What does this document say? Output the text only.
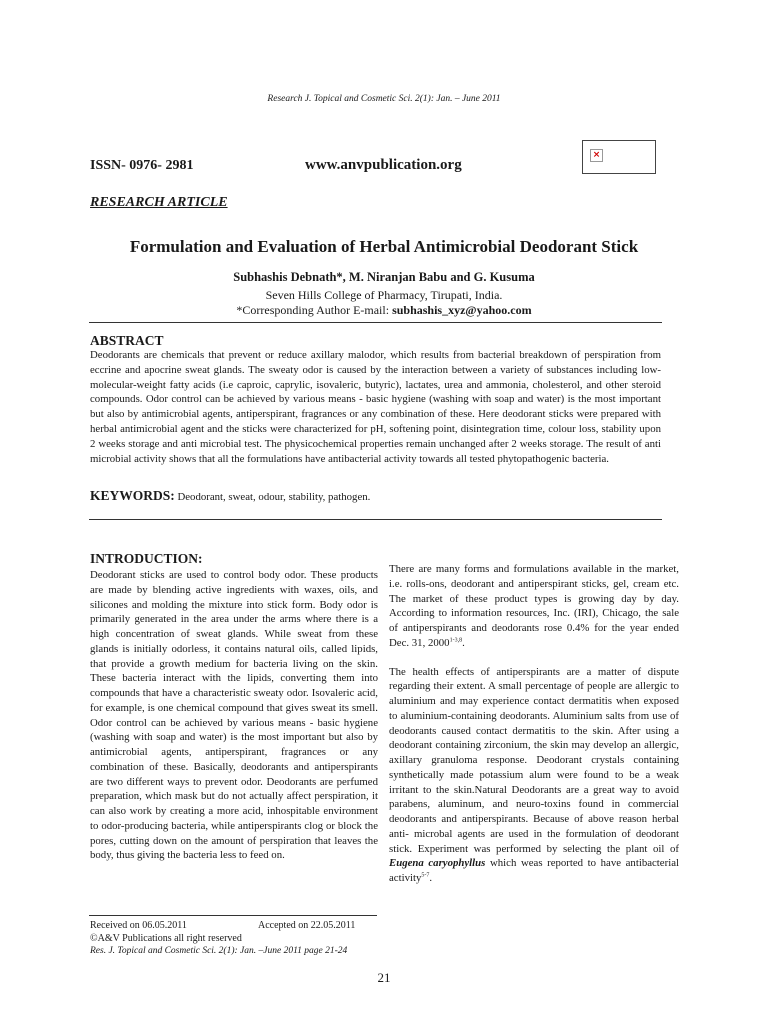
Research J. Topical and Cosmetic Sci. 2(1): Jan. – June 2011
ISSN- 0976- 2981	www.anvpublication.org
×
RESEARCH ARTICLE
Formulation and Evaluation of Herbal Antimicrobial Deodorant Stick
Subhashis Debnath*, M. Niranjan Babu and G. Kusuma
Seven Hills College of Pharmacy, Tirupati, India.
*Corresponding Author E-mail: subhashis_xyz@yahoo.com
ABSTRACT
Deodorants are chemicals that prevent or reduce axillary malodor, which results from bacterial breakdown of perspiration from eccrine and apocrine sweat glands. The sweaty odor is caused by the interaction between a variety of substances including low-molecular-weight fatty acids (i.e caproic, caprylic, isovaleric, butyric), lactates, urea and ammonia, cholesterol, and other steroid compounds. Odor control can be achieved by various means - basic hygiene (washing with soap and water) is the most important but also by antimicrobial agents, antiperspirant, fragrances or any combination of these. Here deodorant sticks were prepared with herbal antimicrobial agent and the sticks were characterized for pH, softening point, disintegration time, colour loss, stability upon 2 weeks storage and anti microbial test. The physicochemical properties remain unchanged after 2 weeks storage. The result of anti microbial activity shows that all the formulations have antibacterial activity towards all tested phytopathogenic bacteria.
KEYWORDS: Deodorant, sweat, odour, stability, pathogen.
INTRODUCTION:
Deodorant sticks are used to control body odor. These products are made by blending active ingredients with waxes, oils, and silicones and molding the mixture into stick form. Body odor is primarily generated in the area under the arms where there is a high concentration of sweat glands. While sweat from these glands is initially odorless, it contains natural oils, called lipids, that provide a growth medium for bacteria living on the skin. These bacteria interact with the lipids, converting them into compounds that have a characteristic sweaty odor. Isovaleric acid, for example, is one chemical compound that gives sweat its smell. Odor control can be achieved by various means - basic hygiene (washing with soap and water) is the most important but also by antimicrobial agents, antiperspirant, fragrances or any combination of these. Basically, deodorants and antiperspirants are two different ways to prevent odor. Deodorants are perfumed preparation, which mask but do not actually affect perspiration, it can also work by creating a more acid, inhospitable environment to odor-producing bacteria, while antiperspirants clog or block the pores, cutting down on the amount of perspiration that leaves the body, thus giving the bacteria less to feed on.

There are many forms and formulations available in the market, i.e. rolls-ons, deodorant and antiperspirant sticks, gel, cream etc. The market of these product types is growing day by day. According to information resources, Inc. (IRI), Chicago, the sale of antiperspirants and deodorants rose 0.4% for the year ended Dec. 31, 2000$^{1-3,8}$.

The health effects of antiperspirants are a matter of dispute regarding their extent. A small percentage of people are allergic to aluminium and may experience contact dermatitis when exposed to aluminium-containing deodorants. Aluminium salts from use of deodorants caused contact dermatitis to the skin. After using a deodorant containing zirconium, the skin may develop an allergic, axillary granuloma response. Deodorant crystals containing synthetically made potassium alum were found to be a weak irritant to the skin.Natural Deodorants are a great way to avoid parabens, aluminum, and neuro-toxins found in commercial deodorants and antiperspirants. Because of above reason herbal anti- microbal agents are used in the formulation of deodorant stick. Experiment was performed by selecting the plant oil of Eugena caryophyllus which weas reported to have antibacterial activity$^{5-7}$.

Received on 06.05.2011	Accepted on 22.05.2011
©A&V Publications all right reserved
Res. J. Topical and Cosmetic Sci. 2(1): Jan. –June 2011 page 21-24
21
